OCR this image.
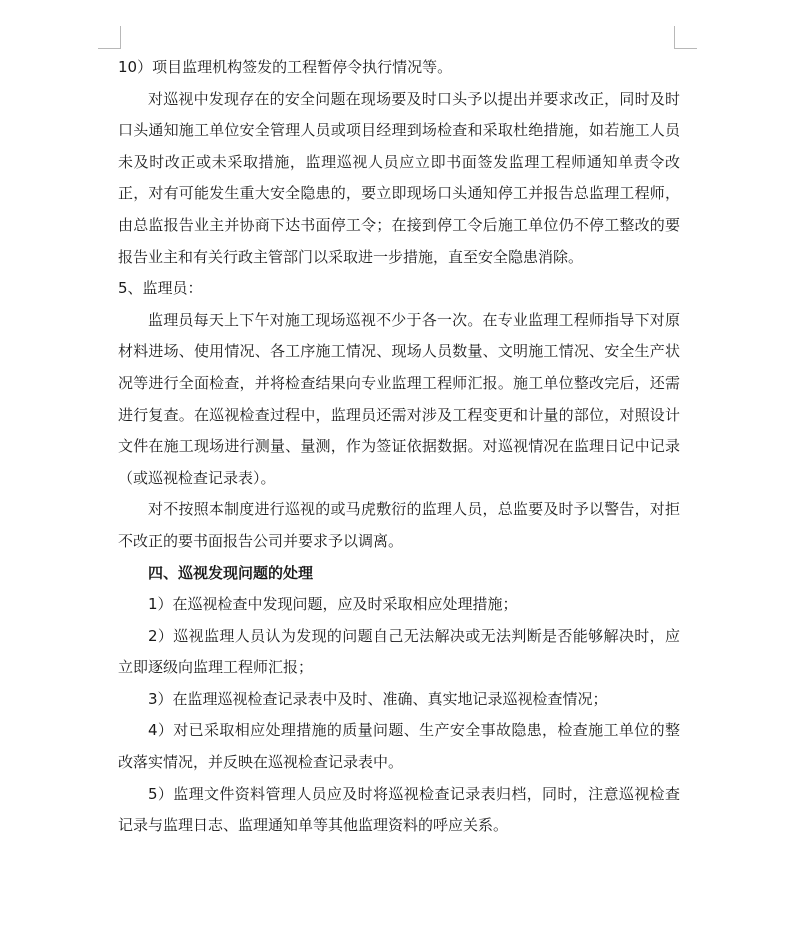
10）项目监理机构签发的工程暂停令执行情况等。

对巡视中发现存在的安全问题在现场要及时口头予以提出并要求改正，同时及时口头通知施工单位安全管理人员或项目经理到场检查和采取杜绝措施，如若施工人员未及时改正或未采取措施，监理巡视人员应立即书面签发监理工程师通知单责令改正，对有可能发生重大安全隐患的，要立即现场口头通知停工并报告总监理工程师，由总监报告业主并协商下达书面停工令；在接到停工令后施工单位仍不停工整改的要报告业主和有关行政主管部门以采取进一步措施，直至安全隐患消除。

5、监理员：

监理员每天上下午对施工现场巡视不少于各一次。在专业监理工程师指导下对原材料进场、使用情况、各工序施工情况、现场人员数量、文明施工情况、安全生产状况等进行全面检查，并将检查结果向专业监理工程师汇报。施工单位整改完后，还需进行复查。在巡视检查过程中，监理员还需对涉及工程变更和计量的部位，对照设计文件在施工现场进行测量、量测，作为签证依据数据。对巡视情况在监理日记中记录（或巡视检查记录表）。

对不按照本制度进行巡视的或马虎敷衍的监理人员，总监要及时予以警告，对拒不改正的要书面报告公司并要求予以调离。

四、巡视发现问题的处理

1）在巡视检查中发现问题，应及时采取相应处理措施；

2）巡视监理人员认为发现的问题自己无法解决或无法判断是否能够解决时，应立即逐级向监理工程师汇报；

3）在监理巡视检查记录表中及时、准确、真实地记录巡视检查情况；

4）对已采取相应处理措施的质量问题、生产安全事故隐患，检查施工单位的整改落实情况，并反映在巡视检查记录表中。

5）监理文件资料管理人员应及时将巡视检查记录表归档，同时，注意巡视检查记录与监理日志、监理通知单等其他监理资料的呼应关系。
